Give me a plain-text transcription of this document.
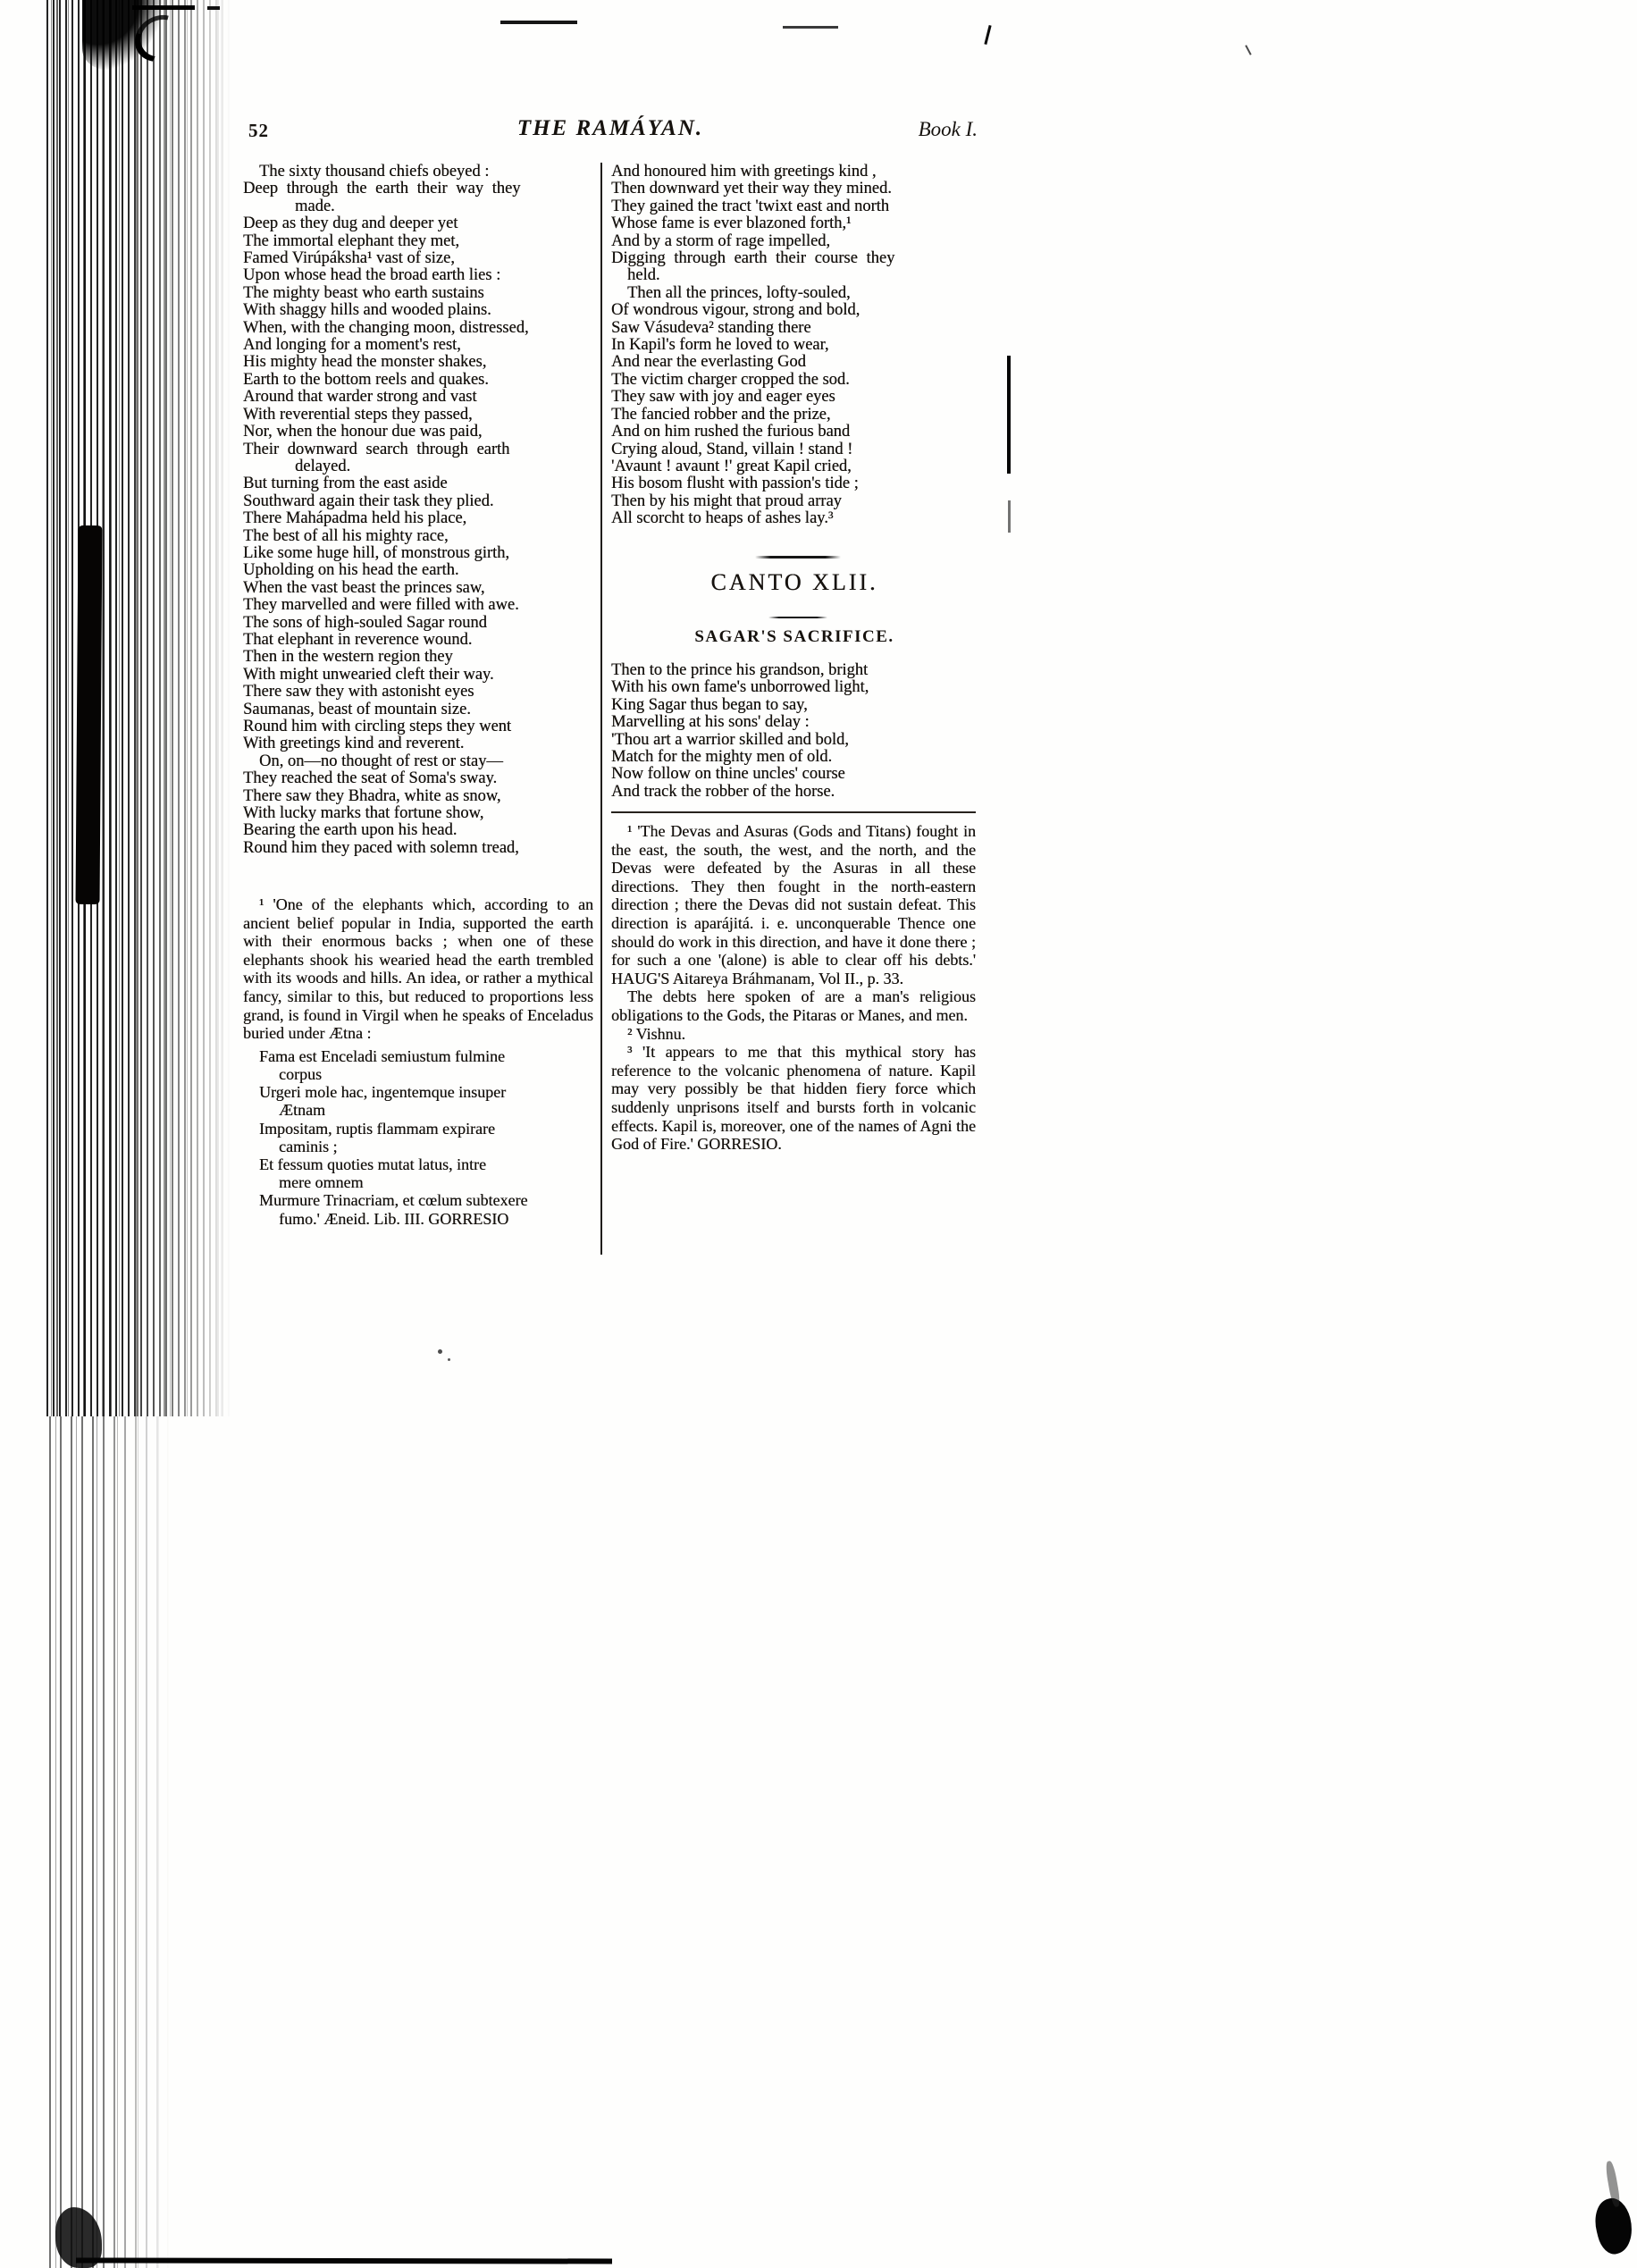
52	THE RAMÁYAN.	Book I.
The sixty thousand chiefs obeyed :
Deep through the earth their way they
made.
Deep as they dug and deeper yet
The immortal elephant they met,
Famed Virúpáksha¹ vast of size,
Upon whose head the broad earth lies :
The mighty beast who earth sustains
With shaggy hills and wooded plains.
When, with the changing moon, distressed,
And longing for a moment's rest,
His mighty head the monster shakes,
Earth to the bottom reels and quakes.
Around that warder strong and vast
With reverential steps they passed,
Nor, when the honour due was paid,
Their downward search through earth
delayed.
But turning from the east aside
Southward again their task they plied.
There Mahápadma held his place,
The best of all his mighty race,
Like some huge hill, of monstrous girth,
Upholding on his head the earth.
When the vast beast the princes saw,
They marvelled and were filled with awe.
The sons of high-souled Sagar round
That elephant in reverence wound.
Then in the western region they
With might unwearied cleft their way.
There saw they with astonisht eyes
Saumanas, beast of mountain size.
Round him with circling steps they went
With greetings kind and reverent.
On, on—no thought of rest or stay—
They reached the seat of Soma's sway.
There saw they Bhadra, white as snow,
With lucky marks that fortune show,
Bearing the earth upon his head.
Round him they paced with solemn tread,
¹ 'One of the elephants which, according to an ancient belief popular in India, supported the earth with their enormous backs ; when one of these elephants shook his wearied head the earth trembled with its woods and hills. An idea, or rather a mythical fancy, similar to this, but reduced to proportions less grand, is found in Virgil when he speaks of Enceladus buried under Ætna :
Fama est Enceladi semiustum fulmine
corpus
Urgeri mole hac, ingentemque insuper
Ætnam
Impositam, ruptis flammam expirare
caminis ;
Et fessum quoties mutat latus, intre
mere omnem
Murmure Trinacriam, et cœlum subtexere
fumo.' Æneid. Lib. III. GORRESIO
And honoured him with greetings kind ,
Then downward yet their way they mined.
They gained the tract 'twixt east and north
Whose fame is ever blazoned forth,¹
And by a storm of rage impelled,
Digging through earth their course they
held.
Then all the princes, lofty-souled,
Of wondrous vigour, strong and bold,
Saw Vásudeva² standing there
In Kapil's form he loved to wear,
And near the everlasting God
The victim charger cropped the sod.
They saw with joy and eager eyes
The fancied robber and the prize,
And on him rushed the furious band
Crying aloud, Stand, villain ! stand !
'Avaunt ! avaunt !' great Kapil cried,
His bosom flusht with passion's tide ;
Then by his might that proud array
All scorcht to heaps of ashes lay.³
CANTO XLII.
SAGAR'S SACRIFICE.
Then to the prince his grandson, bright
With his own fame's unborrowed light,
King Sagar thus began to say,
Marvelling at his sons' delay :
'Thou art a warrior skilled and bold,
Match for the mighty men of old.
Now follow on thine uncles' course
And track the robber of the horse.
¹ 'The Devas and Asuras (Gods and Titans) fought in the east, the south, the west, and the north, and the Devas were defeated by the Asuras in all these directions. They then fought in the north-eastern direction ; there the Devas did not sustain defeat. This direction is aparájitá. i. e. unconquerable Thence one should do work in this direction, and have it done there ; for such a one '(alone) is able to clear off his debts.' HAUG'S Aitareya Bráhmanam, Vol II., p. 33.
The debts here spoken of are a man's religious obligations to the Gods, the Pitaras or Manes, and men.
² Vishnu.
³ 'It appears to me that this mythical story has reference to the volcanic phenomena of nature. Kapil may very possibly be that hidden fiery force which suddenly unprisons itself and bursts forth in volcanic effects. Kapil is, moreover, one of the names of Agni the God of Fire.' GORRESIO.
